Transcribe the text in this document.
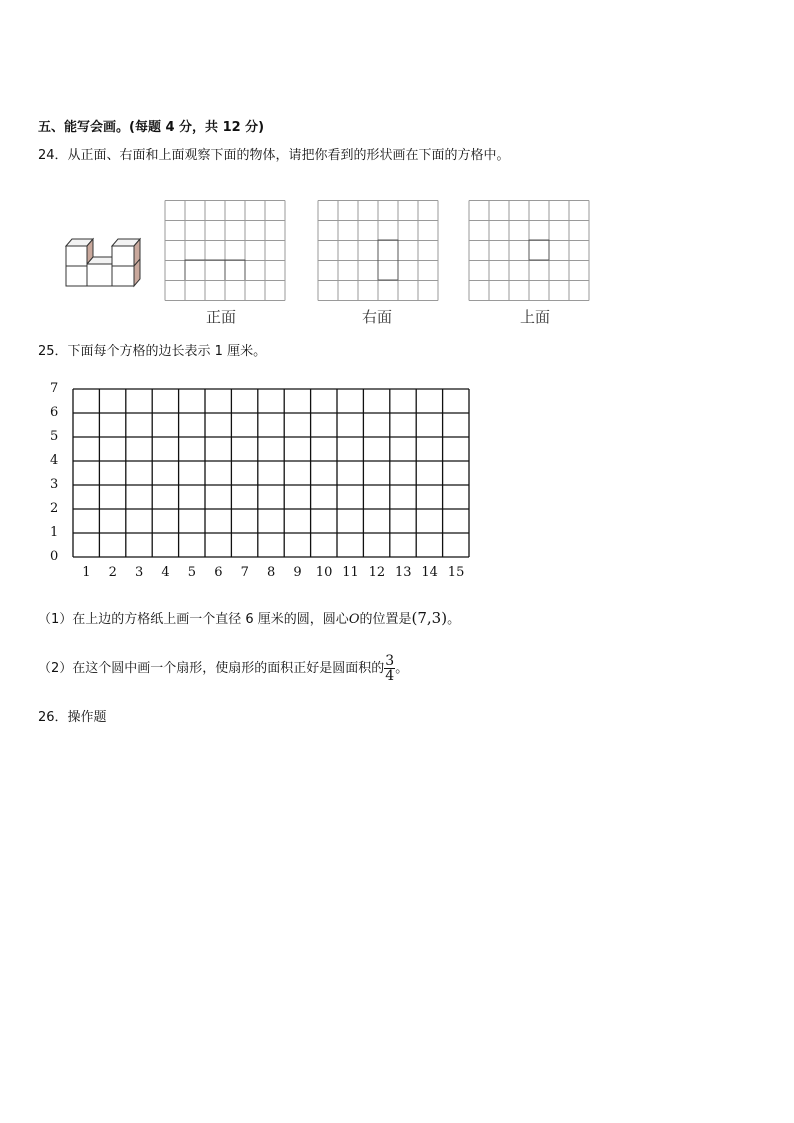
五、能写会画。(每题 4 分，共 12 分)
24．从正面、右面和上面观察下面的物体，请把你看到的形状画在下面的方格中。
正面	右面	上面
25．下面每个方格的边长表示 1 厘米。
7
6
5
4
3
2
1
0
1 2 3 4 5 6 7 8 9 10 11 12 13 14 15
（1）在上边的方格纸上画一个直径 6 厘米的圆，圆心O的位置是(7,3)。
（2）在这个圆中画一个扇形，使扇形的面积正好是圆面积的 $\frac{3}{4}$ 。
26．操作题
